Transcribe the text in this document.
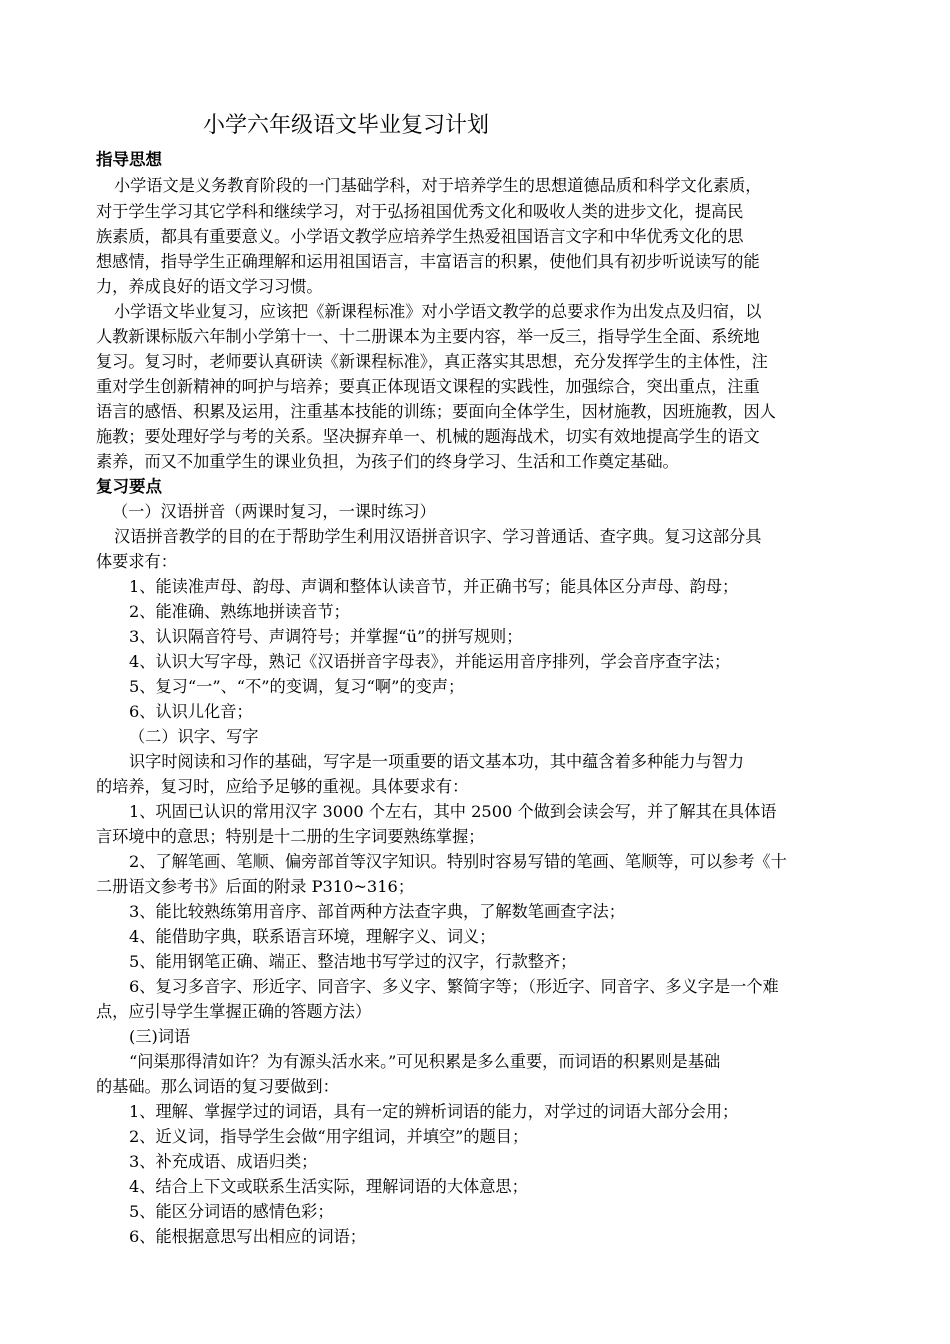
小学六年级语文毕业复习计划
指导思想
小学语文是义务教育阶段的一门基础学科，对于培养学生的思想道德品质和科学文化素质，
对于学生学习其它学科和继续学习，对于弘扬祖国优秀文化和吸收人类的进步文化，提高民
族素质，都具有重要意义。小学语文教学应培养学生热爱祖国语言文字和中华优秀文化的思
想感情，指导学生正确理解和运用祖国语言，丰富语言的积累，使他们具有初步听说读写的能
力，养成良好的语文学习习惯。
小学语文毕业复习，应该把《新课程标准》对小学语文教学的总要求作为出发点及归宿，以
人教新课标版六年制小学第十一、十二册课本为主要内容，举一反三，指导学生全面、系统地
复习。复习时，老师要认真研读《新课程标准》，真正落实其思想，充分发挥学生的主体性，注
重对学生创新精神的呵护与培养；要真正体现语文课程的实践性，加强综合，突出重点，注重
语言的感悟、积累及运用，注重基本技能的训练；要面向全体学生，因材施教，因班施教，因人
施教；要处理好学与考的关系。坚决摒弃单一、机械的题海战术，切实有效地提高学生的语文
素养，而又不加重学生的课业负担，为孩子们的终身学习、生活和工作奠定基础。
复习要点
（一）汉语拼音（两课时复习，一课时练习）
汉语拼音教学的目的在于帮助学生利用汉语拼音识字、学习普通话、查字典。复习这部分具
体要求有：
1、能读准声母、韵母、声调和整体认读音节，并正确书写；能具体区分声母、韵母；
2、能准确、熟练地拼读音节；
3、认识隔音符号、声调符号；并掌握“ü”的拼写规则；
4、认识大写字母，熟记《汉语拼音字母表》，并能运用音序排列，学会音序查字法；
5、复习“一”、“不”的变调，复习“啊”的变声；
6、认识儿化音；
（二）识字、写字
识字时阅读和习作的基础，写字是一项重要的语文基本功，其中蕴含着多种能力与智力
的培养，复习时，应给予足够的重视。具体要求有：
1、巩固已认识的常用汉字 3000 个左右，其中 2500 个做到会读会写，并了解其在具体语
言环境中的意思；特别是十二册的生字词要熟练掌握；
2、了解笔画、笔顺、偏旁部首等汉字知识。特别时容易写错的笔画、笔顺等，可以参考《十
二册语文参考书》后面的附录 P310~316；
3、能比较熟练第用音序、部首两种方法查字典，了解数笔画查字法；
4、能借助字典，联系语言环境，理解字义、词义；
5、能用钢笔正确、端正、整洁地书写学过的汉字，行款整齐；
6、复习多音字、形近字、同音字、多义字、繁简字等；（形近字、同音字、多义字是一个难
点，应引导学生掌握正确的答题方法）
(三)词语
“问渠那得清如许？为有源头活水来。”可见积累是多么重要，而词语的积累则是基础
的基础。那么词语的复习要做到：
1、理解、掌握学过的词语，具有一定的辨析词语的能力，对学过的词语大部分会用；
2、近义词，指导学生会做“用字组词，并填空”的题目；
3、补充成语、成语归类；
4、结合上下文或联系生活实际，理解词语的大体意思；
5、能区分词语的感情色彩；
6、能根据意思写出相应的词语；
